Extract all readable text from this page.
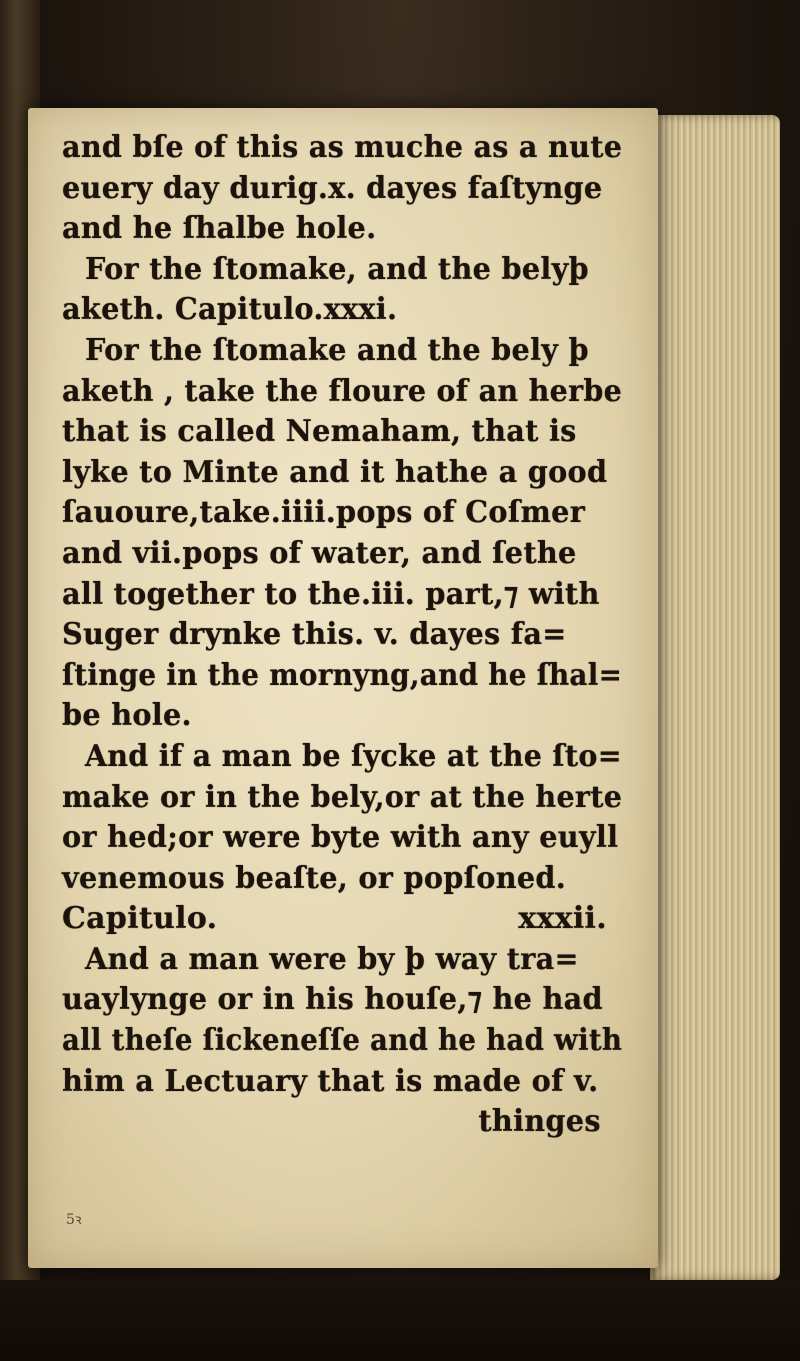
and bſe of this as muche as a nute
euery day durig.x. dayes faſtynge
and he ſhalbe hole.
For the ſtomake, and the belyþ
aketh. Capitulo.xxxi.
For the ſtomake and the bely þ
aketh , take the floure of an herbe
that is called Nemaham, that is
lyke to Minte and it hathe a good
ſauoure,take.iiii.pops of Coſmer
and vii.pops of water, and ſethe
all together to the.iii. part,⁊ with
Suger drynke this. v. dayes fa=
ſtinge in the mornyng,and he ſhal=
be hole.
And if a man be ſycke at the ſto=
make or in the bely,or at the herte
or hed;or were byte with any euyll
venemous beaſte, or popſoned.
Capitulo.	xxxii.
And a man were by þ way tra=
uaylynge or in his houſe,⁊ he had
all theſe ſickeneſſe and he had with
him a Lectuary that is made of v.
thinges
5ꝛ
